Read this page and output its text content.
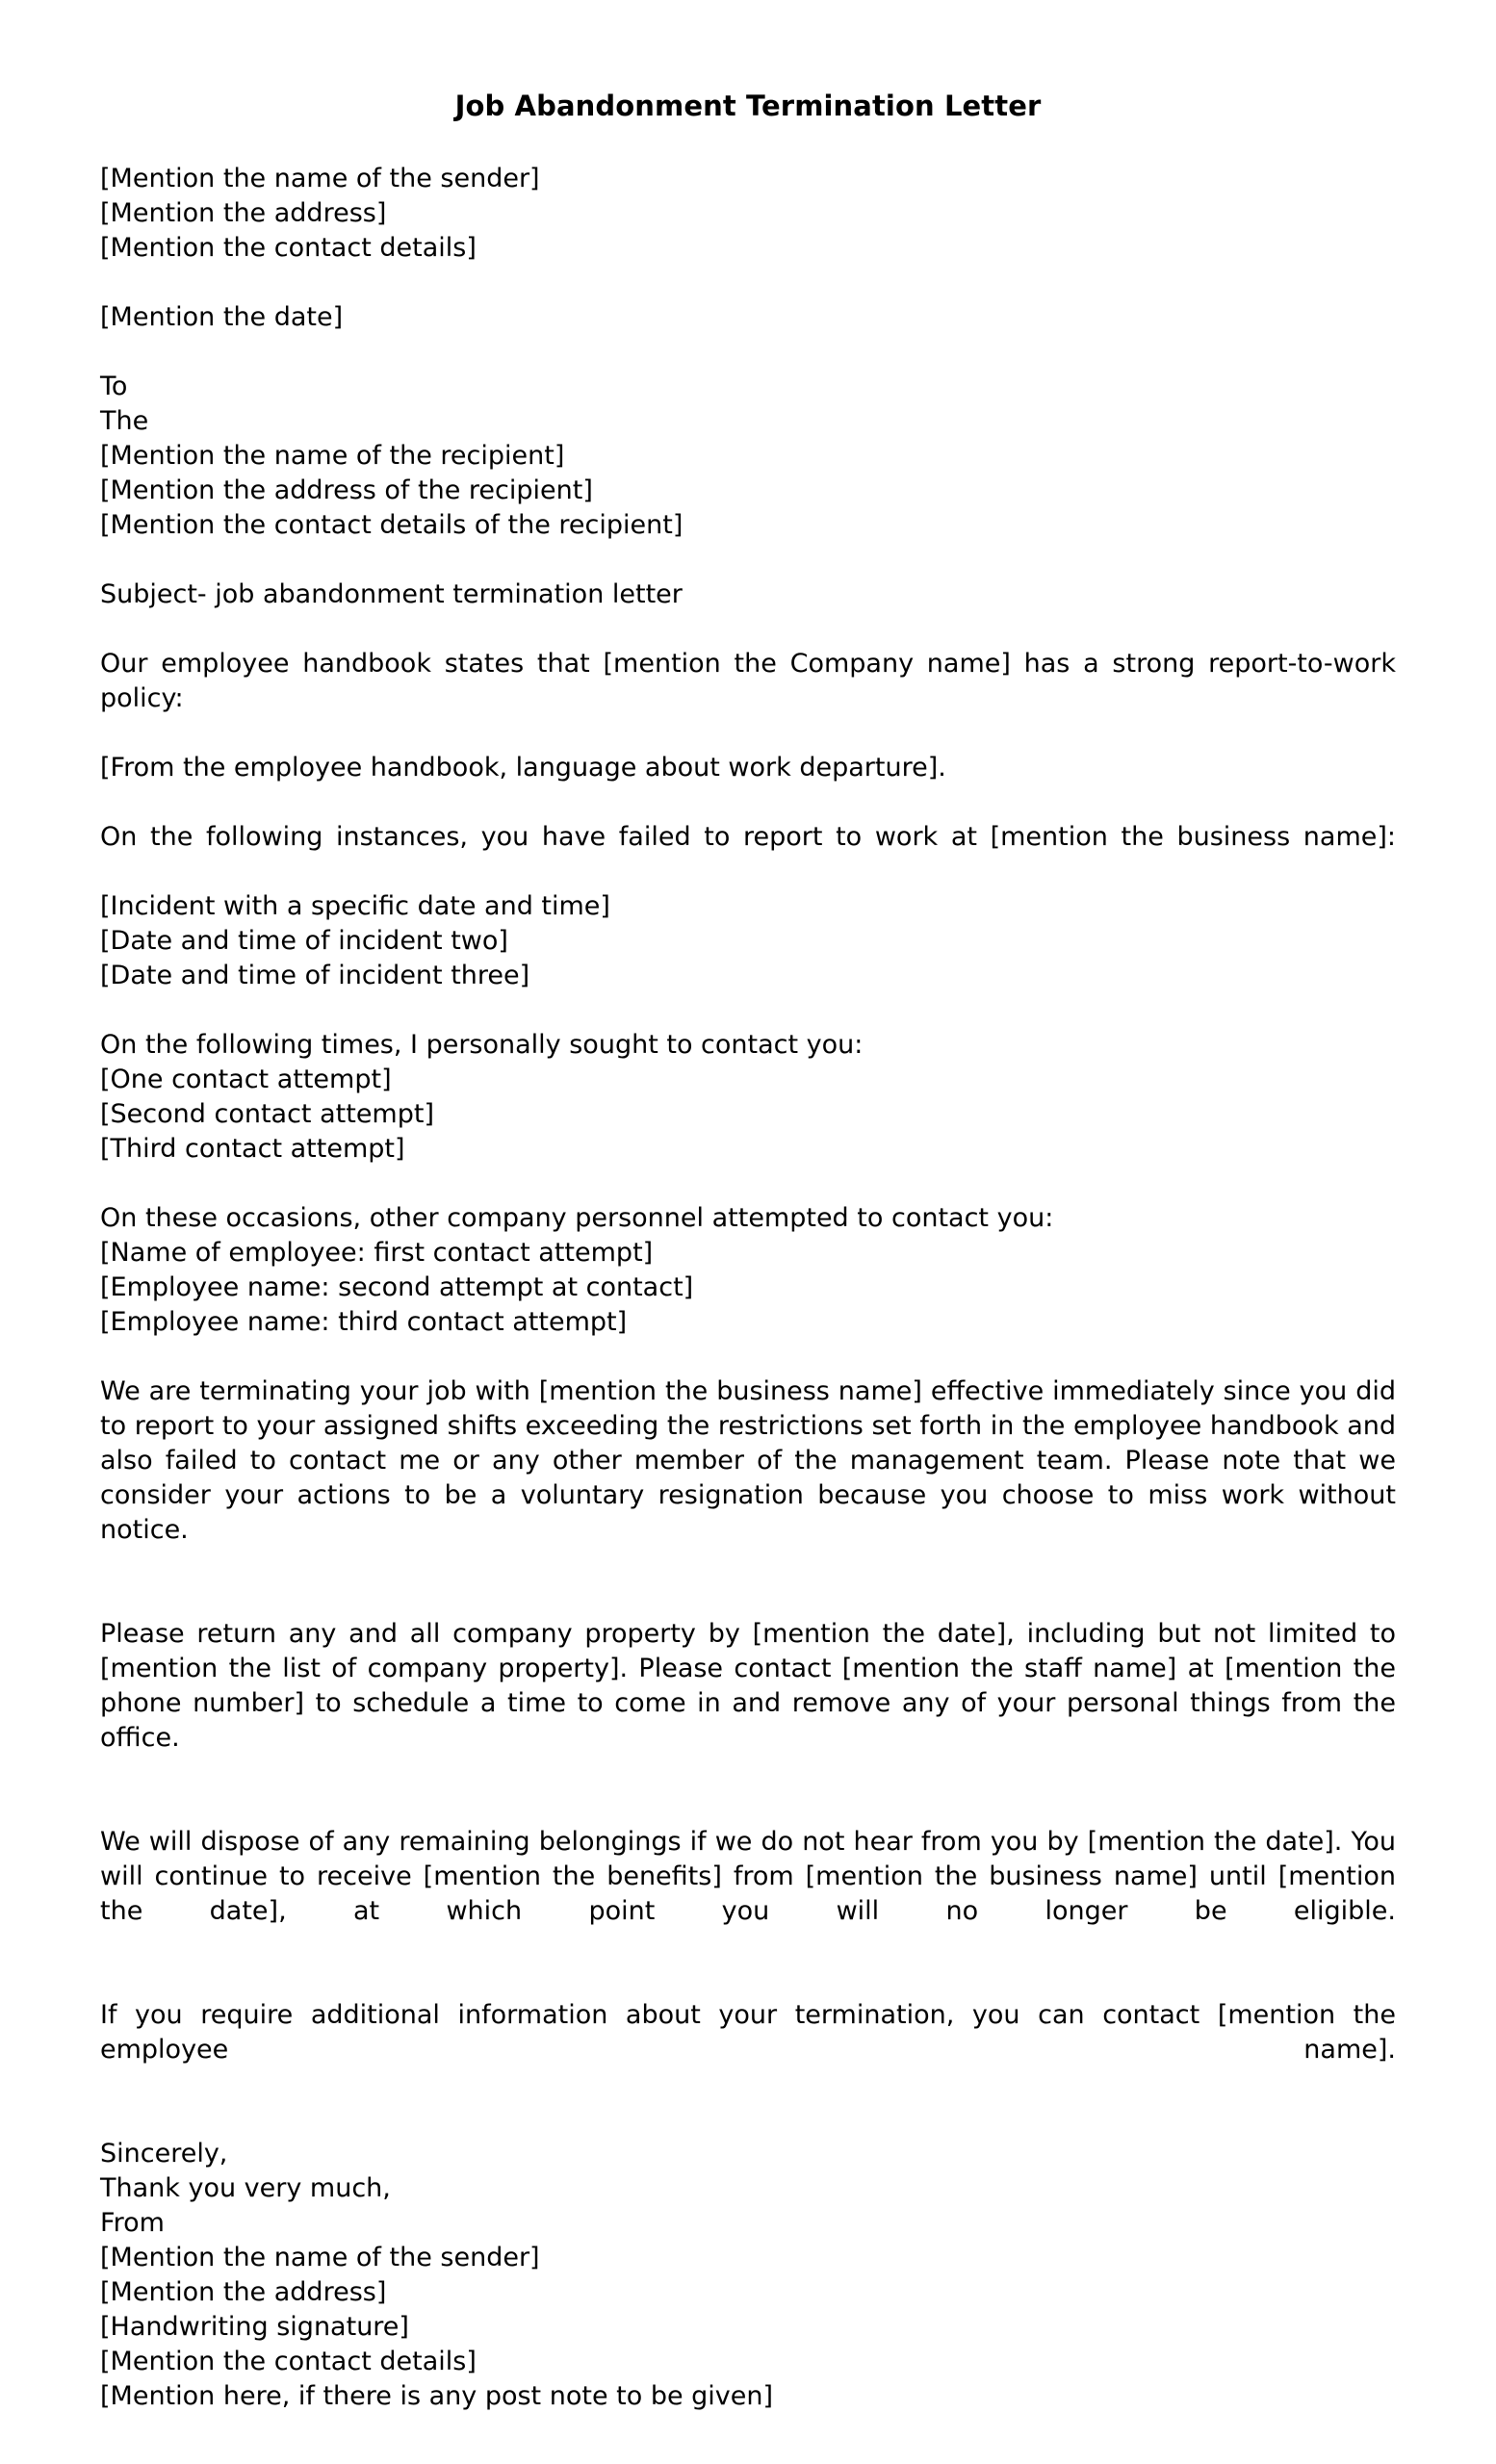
Job Abandonment Termination Letter
[Mention the name of the sender]
[Mention the address]
[Mention the contact details]
[Mention the date]
To
The
[Mention the name of the recipient]
[Mention the address of the recipient]
[Mention the contact details of the recipient]
Subject- job abandonment termination letter

Our employee handbook states that [mention the Company name] has a strong report-to-work policy:

[From the employee handbook, language about work departure].

On the following instances, you have failed to report to work at [mention the business name]:

[Incident with a specific date and time]
[Date and time of incident two]
[Date and time of incident three]
On the following times, I personally sought to contact you:
[One contact attempt]
[Second contact attempt]
[Third contact attempt]
On these occasions, other company personnel attempted to contact you:
[Name of employee: first contact attempt]
[Employee name: second attempt at contact]
[Employee name: third contact attempt]

We are terminating your job with [mention the business name] effective immediately since you did to report to your assigned shifts exceeding the restrictions set forth in the employee handbook and also failed to contact me or any other member of the management team. Please note that we consider your actions to be a voluntary resignation because you choose to miss work without notice.

Please return any and all company property by [mention the date], including but not limited to [mention the list of company property]. Please contact [mention the staff name] at [mention the phone number] to schedule a time to come in and remove any of your personal things from the office.

We will dispose of any remaining belongings if we do not hear from you by [mention the date]. You will continue to receive [mention the benefits] from [mention the business name] until [mention the date], at which point you will no longer be eligible.

If you require additional information about your termination, you can contact [mention the employee name].

Sincerely,
Thank you very much,
From
[Mention the name of the sender]
[Mention the address]
[Handwriting signature]
[Mention the contact details]
[Mention here, if there is any post note to be given]
